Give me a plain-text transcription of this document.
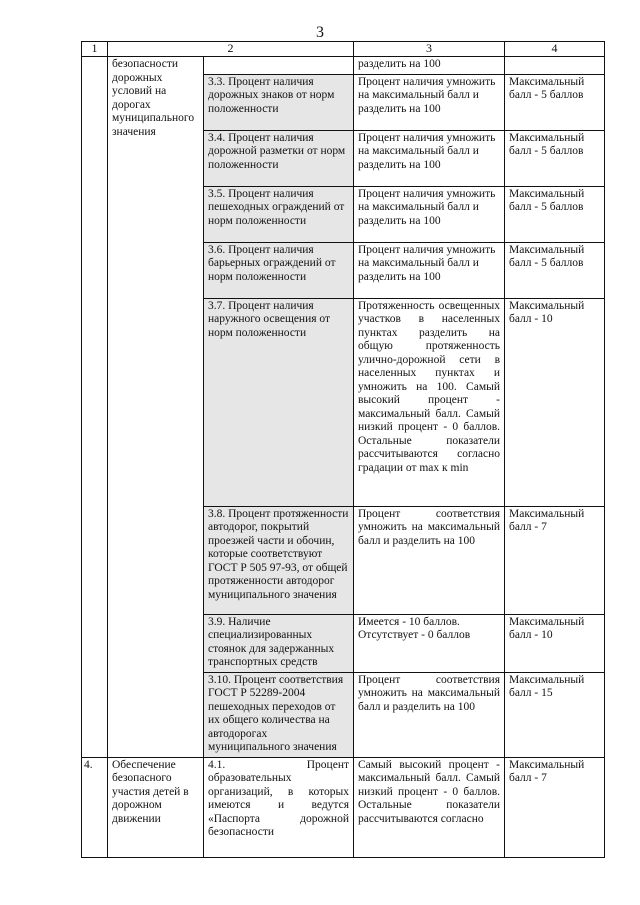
3
1	2		3	4
	безопасности дорожных условий на дорогах муниципального значения		разделить на 100	
		3.3. Процент наличия дорожных знаков от норм положенности	Процент наличия умножить на максимальный балл и разделить на 100	Максимальный балл - 5 баллов
		3.4. Процент наличия дорожной разметки от норм положенности	Процент наличия умножить на максимальный балл и разделить на 100	Максимальный балл - 5 баллов
		3.5. Процент наличия пешеходных ограждений от норм положенности	Процент наличия умножить на максимальный балл и разделить на 100	Максимальный балл - 5 баллов
		3.6. Процент наличия барьерных ограждений от норм положенности	Процент наличия умножить на максимальный балл и разделить на 100	Максимальный балл - 5 баллов
		3.7. Процент наличия наружного освещения от норм положенности	Протяженность освещенных участков в населенных пунктах разделить на общую протяженность улично-дорожной сети в населенных пунктах и умножить на 100. Самый высокий процент - максимальный балл. Самый низкий процент - 0 баллов. Остальные показатели рассчитываются согласно градации от max к min	Максимальный балл - 10
		3.8. Процент протяженности автодорог, покрытий проезжей части и обочин, которые соответствуют ГОСТ Р 505 97-93, от общей протяженности автодорог муниципального значения	Процент соответствия умножить на максимальный балл и разделить на 100	Максимальный балл - 7
		3.9. Наличие специализированных стоянок для задержанных транспортных средств	Имеется - 10 баллов. Отсутствует - 0 баллов	Максимальный балл - 10
		3.10. Процент соответствия ГОСТ Р 52289-2004 пешеходных переходов от их общего количества на автодорогах муниципального значения	Процент соответствия умножить на максимальный балл и разделить на 100	Максимальный балл - 15
4.	Обеспечение безопасного участия детей в дорожном движении	4.1. Процент образовательных организаций, в которых имеются и ведутся «Паспорта дорожной безопасности	Самый высокий процент - максимальный балл. Самый низкий процент - 0 баллов. Остальные показатели рассчитываются согласно	Максимальный балл - 7
